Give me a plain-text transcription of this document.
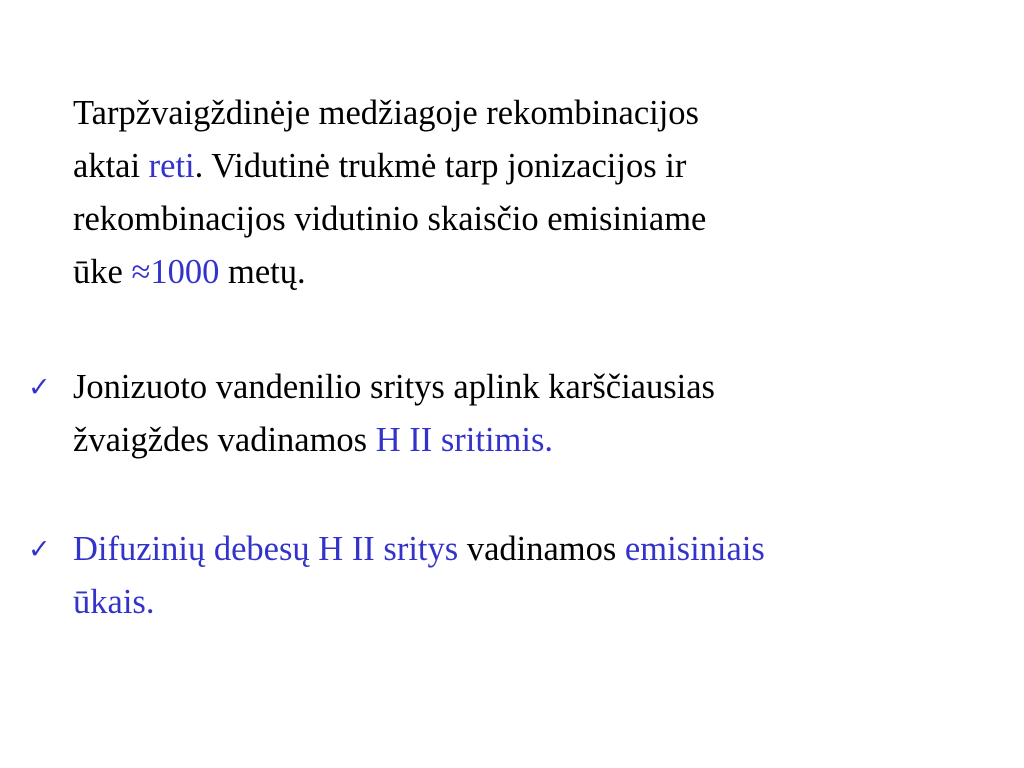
Tarpžvaigždinėje medžiagoje rekombinacijos
aktai reti. Vidutinė trukmė tarp jonizacijos ir
rekombinacijos vidutinio skaisčio emisiniame
ūke ≈1000 metų.
✓ Jonizuoto vandenilio sritys aplink karščiausias
žvaigždes vadinamos H II sritimis.
✓ Difuzinių debesų H II sritys vadinamos emisiniais
ūkais.
